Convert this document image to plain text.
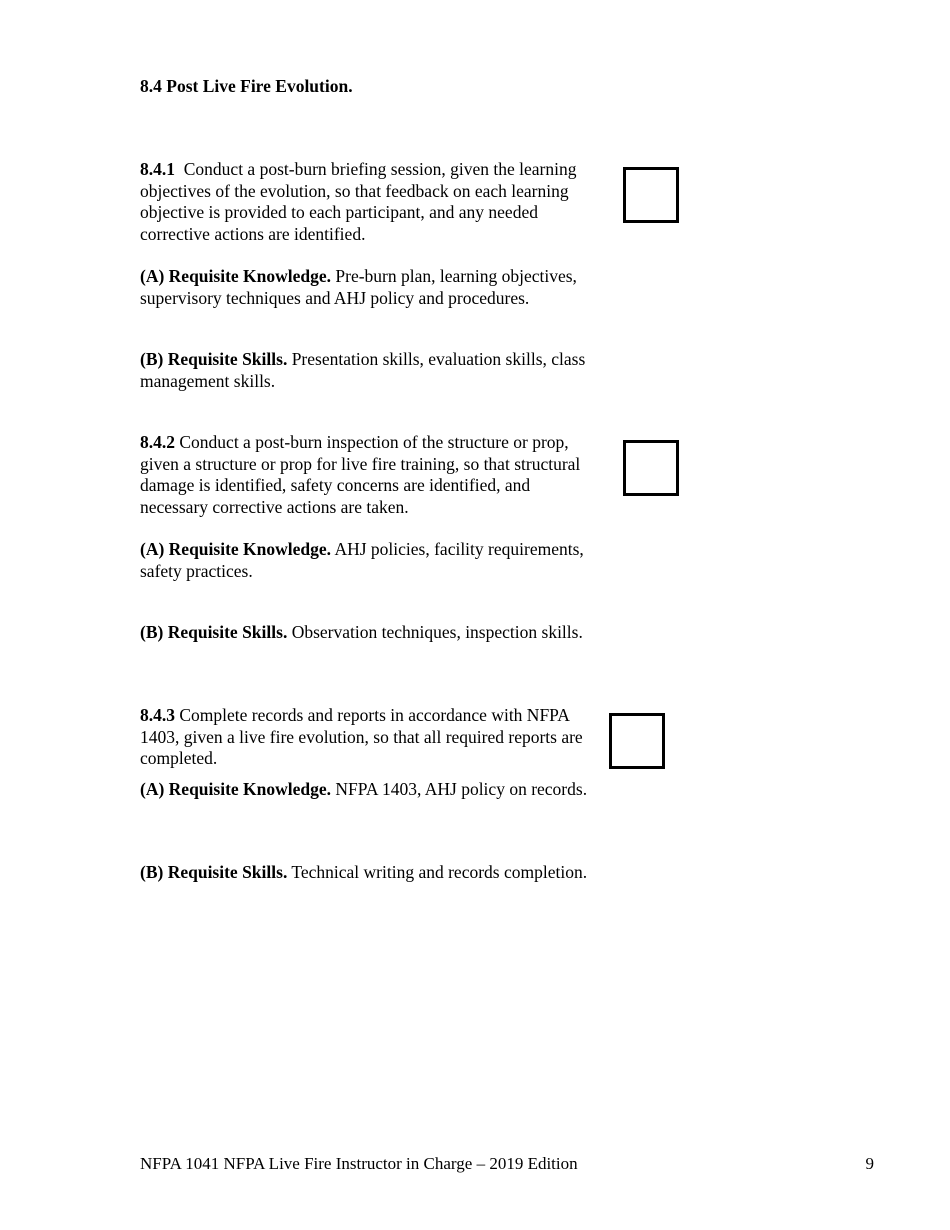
8.4 Post Live Fire Evolution.

8.4.1 Conduct a post-burn briefing session, given the learning objectives of the evolution, so that feedback on each learning objective is provided to each participant, and any needed corrective actions are identified.

(A) Requisite Knowledge. Pre-burn plan, learning objectives, supervisory techniques and AHJ policy and procedures.

(B) Requisite Skills. Presentation skills, evaluation skills, class management skills.

8.4.2 Conduct a post-burn inspection of the structure or prop, given a structure or prop for live fire training, so that structural damage is identified, safety concerns are identified, and necessary corrective actions are taken.

(A) Requisite Knowledge. AHJ policies, facility requirements, safety practices.

(B) Requisite Skills. Observation techniques, inspection skills.

8.4.3 Complete records and reports in accordance with NFPA 1403, given a live fire evolution, so that all required reports are completed.

(A) Requisite Knowledge. NFPA 1403, AHJ policy on records.

(B) Requisite Skills. Technical writing and records completion.

NFPA 1041 NFPA Live Fire Instructor in Charge – 2019 Edition	9
